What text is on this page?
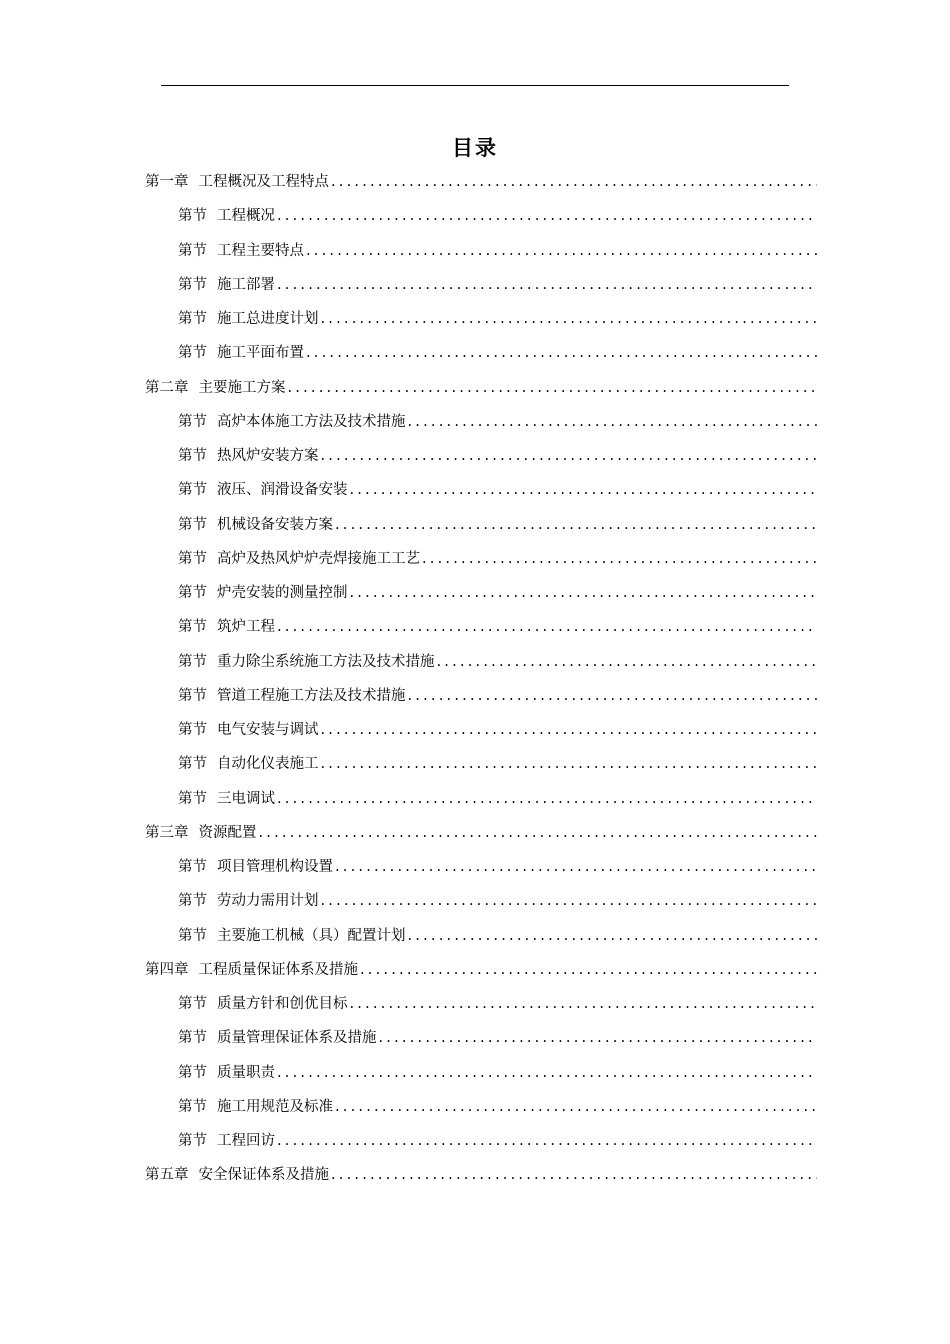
目录
第一章 工程概况及工程特点
.....
第节 工程概况
.....
第节 工程主要特点
.....
第节 施工部署
.....
第节 施工总进度计划
.....
第节 施工平面布置
.....
第二章 主要施工方案
.....
第节 高炉本体施工方法及技术措施
.....
第节 热风炉安装方案
.....
第节 液压、润滑设备安装
.....
第节 机械设备安装方案
.....
第节 高炉及热风炉炉壳焊接施工工艺
.....
第节 炉壳安装的测量控制
.....
第节 筑炉工程
.....
第节 重力除尘系统施工方法及技术措施
.....
第节 管道工程施工方法及技术措施
.....
第节 电气安装与调试
.....
第节 自动化仪表施工
.....
第节 三电调试
.....
第三章 资源配置
.....
第节 项目管理机构设置
.....
第节 劳动力需用计划
.....
第节 主要施工机械（具）配置计划
.....
第四章 工程质量保证体系及措施
.....
第节 质量方针和创优目标
.....
第节 质量管理保证体系及措施
.....
第节 质量职责
.....
第节 施工用规范及标准
.....
第节 工程回访
.....
第五章 安全保证体系及措施
.....
